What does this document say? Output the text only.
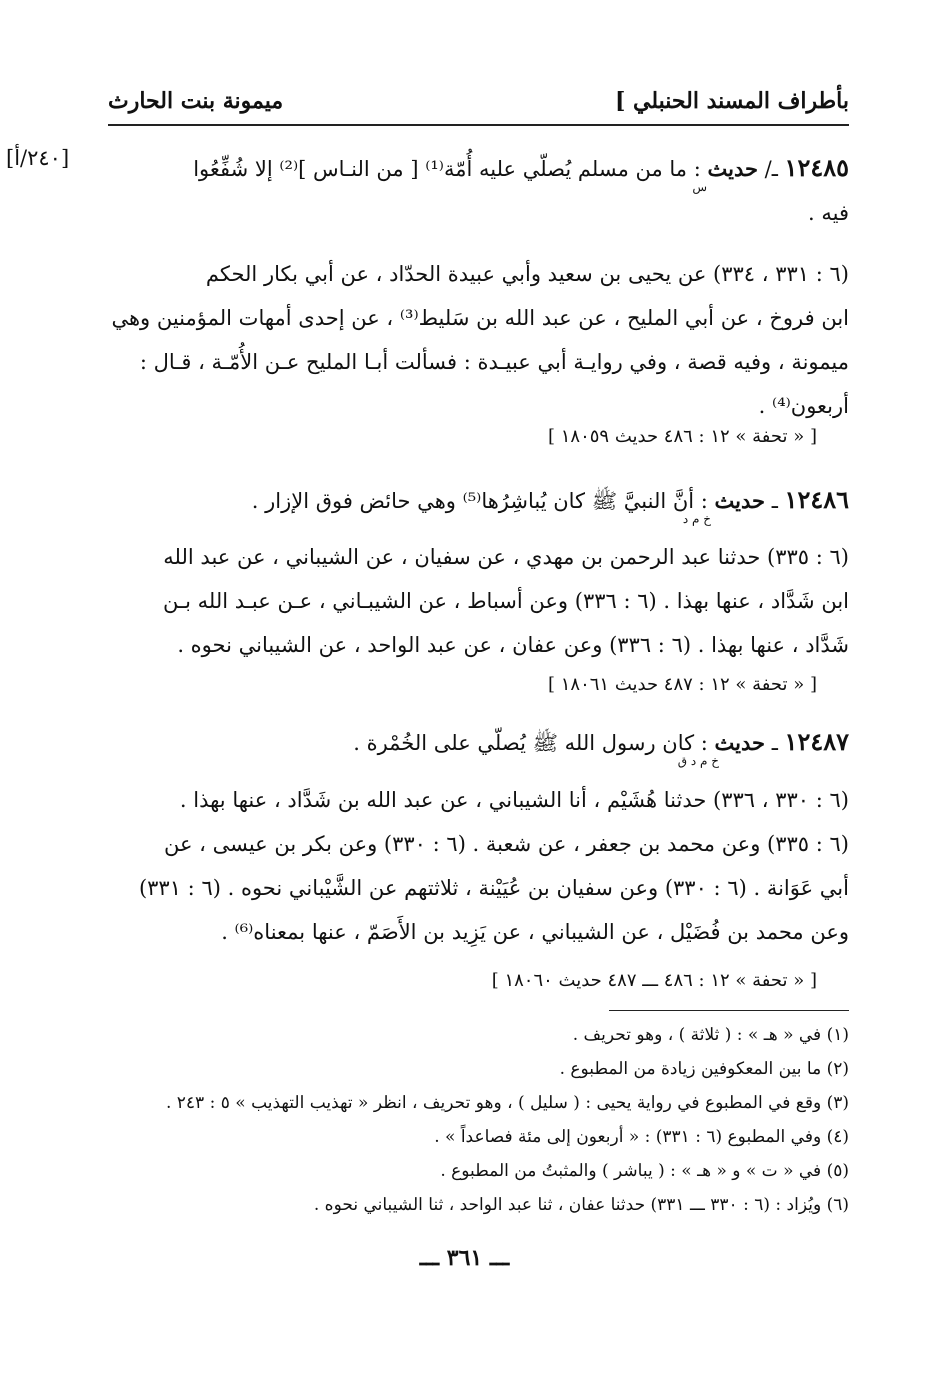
بأطراف المسند الحنبلي ]
ميمونة بنت الحارث
[٢٤٠/أ]	١٢٤٨٥ ـ/ حديث : ما من مسلم يُصلّي عليه أُمّة⁽¹⁾ [ من النـاس ]⁽²⁾ إلا شُفِّعُوا
فيه .
س
(٦ : ٣٣١ ، ٣٣٤) عن يحيى بن سعيد وأبي عبيدة الحدّاد ، عن أبي بكار الحكم
ابن فروخ ، عن أبي المليح ، عن عبد الله بن سَليط⁽³⁾ ، عن إحدى أمهات المؤمنين وهي
ميمونة ، وفيه قصة ، وفي روايـة أبي عبيـدة : فسألت أبـا المليح عـن الأُمّـة ، قـال :
أربعون⁽⁴⁾ .
[ « تحفة » ١٢ : ٤٨٦ حديث ١٨٠٥٩ ]
١٢٤٨٦ ـ حديث : أنَّ النبيَّ ﷺ كان يُباشِرُها⁽⁵⁾ وهي حائض فوق الإزار .
خ م د
(٦ : ٣٣٥) حدثنا عبد الرحمن بن مهدي ، عن سفيان ، عن الشيباني ، عن عبد الله
ابن شَدَّاد ، عنها بهذا . (٦ : ٣٣٦) وعن أسباط ، عن الشيبـاني ، عـن عبـد الله بـن
شَدَّاد ، عنها بهذا . (٦ : ٣٣٦) وعن عفان ، عن عبد الواحد ، عن الشيباني نحوه .
[ « تحفة » ١٢ : ٤٨٧ حديث ١٨٠٦١ ]
١٢٤٨٧ ـ حديث : كان رسول الله ﷺ يُصلّي على الخُمْرة .
خ م د ق
(٦ : ٣٣٠ ، ٣٣٦) حدثنا هُشَيْم ، أنا الشيباني ، عن عبد الله بن شَدَّاد ، عنها بهذا .
(٦ : ٣٣٥) وعن محمد بن جعفر ، عن شعبة . (٦ : ٣٣٠) وعن بكر بن عيسى ، عن
أبي عَوَانة . (٦ : ٣٣٠) وعن سفيان بن عُيَيْنة ، ثلاثتهم عن الشَّيْباني نحوه . (٦ : ٣٣١)
وعن محمد بن فُضَيْل ، عن الشيباني ، عن يَزِيد بن الأَصَمّ ، عنها بمعناه⁽⁶⁾ .
[ « تحفة » ١٢ : ٤٨٦ ـــ ٤٨٧ حديث ١٨٠٦٠ ]
(١) في « هـ » : ( ثلاثة ) ، وهو تحريف .
(٢) ما بين المعكوفين زيادة من المطبوع .
(٣) وقع في المطبوع في رواية يحيى : ( سليل ) ، وهو تحريف ، انظر « تهذيب التهذيب » ٥ : ٢٤٣ .
(٤) وفي المطبوع (٦ : ٣٣١) : « أربعون إلى مئة فصاعداً » .
(٥) في « ت » و « هـ » : ( يباشر ) والمثبتُ من المطبوع .
(٦) ويُزاد : (٦ : ٣٣٠ ـــ ٣٣١) حدثنا عفان ، ثنا عبد الواحد ، ثنا الشيباني نحوه .
ـــ ٣٦١ ـــ
